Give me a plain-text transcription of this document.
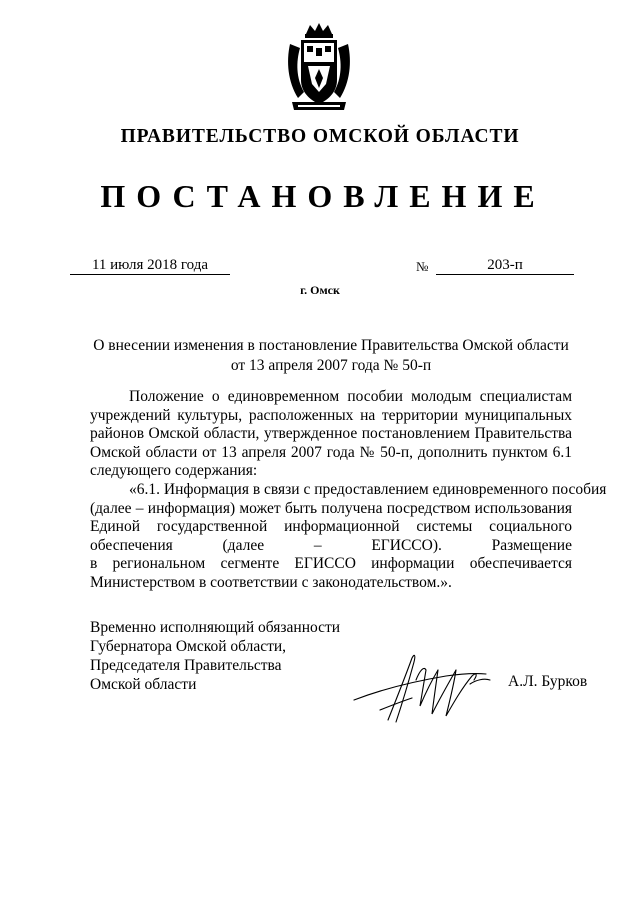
ПРАВИТЕЛЬСТВО ОМСКОЙ ОБЛАСТИ
ПОСТАНОВЛЕНИЕ
11 июля 2018 года	№	203-п
г. Омск
О внесении изменения в постановление Правительства Омской области
от 13 апреля 2007 года № 50-п
Положение о единовременном пособии молодым специалистам
учреждений культуры, расположенных на территории муниципальных
районов Омской области, утвержденное постановлением Правительства
Омской области от 13 апреля 2007 года № 50-п, дополнить пунктом 6.1
следующего содержания:
«6.1. Информация в связи с предоставлением единовременного пособия
(далее – информация) может быть получена посредством использования
Единой государственной информационной системы социального
обеспечения	(далее	–	ЕГИССО).	Размещение
в региональном сегменте ЕГИССО информации обеспечивается
Министерством в соответствии с законодательством.».
Временно исполняющий обязанности
Губернатора Омской области,
Председателя Правительства
Омской области	А.Л. Бурков
